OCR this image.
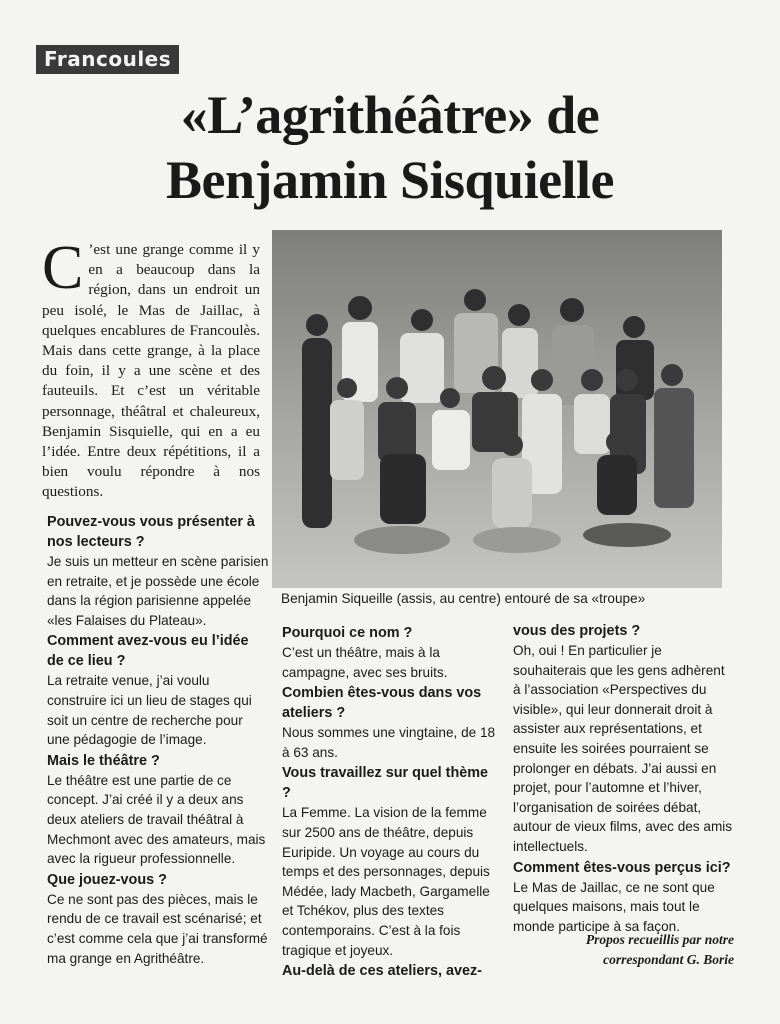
Francoules
«L’agrithéâtre» de
Benjamin Sisquielle

C ’est une grange comme il y en a beaucoup dans la région, dans un endroit un peu isolé, le Mas de Jaillac, à quelques encablures de Francoulès. Mais dans cette grange, à la place du foin, il y a une scène et des fauteuils. Et c’est un véritable personnage, théâtral et chaleureux, Benjamin Sisquielle, qui en a eu l’idée. Entre deux répétitions, il a bien voulu répondre à nos questions.

Benjamin Siqueille (assis, au centre) entouré de sa «troupe»

Pouvez-vous vous présenter à nos lecteurs ?

Je suis un metteur en scène parisien en retraite, et je possède une école dans la région parisienne appelée «les Falaises du Plateau».

Comment avez-vous eu l’idée de ce lieu ?

La retraite venue, j’ai voulu construire ici un lieu de stages qui soit un centre de recherche pour une pédagogie de l’image.

Mais le théâtre ?

Le théâtre est une partie de ce concept. J’ai créé il y a deux ans deux ateliers de travail théâtral à Mechmont avec des amateurs, mais avec la rigueur professionnelle.

Que jouez-vous ?

Ce ne sont pas des pièces, mais le rendu de ce travail est scénarisé; et c’est comme cela que j’ai transformé ma grange en Agrithéâtre.

Pourquoi ce nom ?

C’est un théâtre, mais à la campagne, avec ses bruits.

Combien êtes-vous dans vos ateliers ?

Nous sommes une vingtaine, de 18 à 63 ans.

Vous travaillez sur quel thème ?

La Femme. La vision de la femme sur 2500 ans de théâtre, depuis Euripide. Un voyage au cours du temps et des personnages, depuis Médée, lady Macbeth, Gargamelle et Tchékov, plus des textes contemporains. C’est à la fois tragique et joyeux.

Au-delà de ces ateliers, avez-

vous des projets ?

Oh, oui ! En particulier je souhaiterais que les gens adhèrent à l’association «Perspectives du visible», qui leur donnerait droit à assister aux représentations, et ensuite les soirées pourraient se prolonger en débats. J’ai aussi en projet, pour l’automne et l’hiver, l’organisation de soirées débat, autour de vieux films, avec des amis intellectuels.

Comment êtes-vous perçus ici?

Le Mas de Jaillac, ce ne sont que quelques maisons, mais tout le monde participe à sa façon.

Propos recueillis par notre
correspondant G. Borie
